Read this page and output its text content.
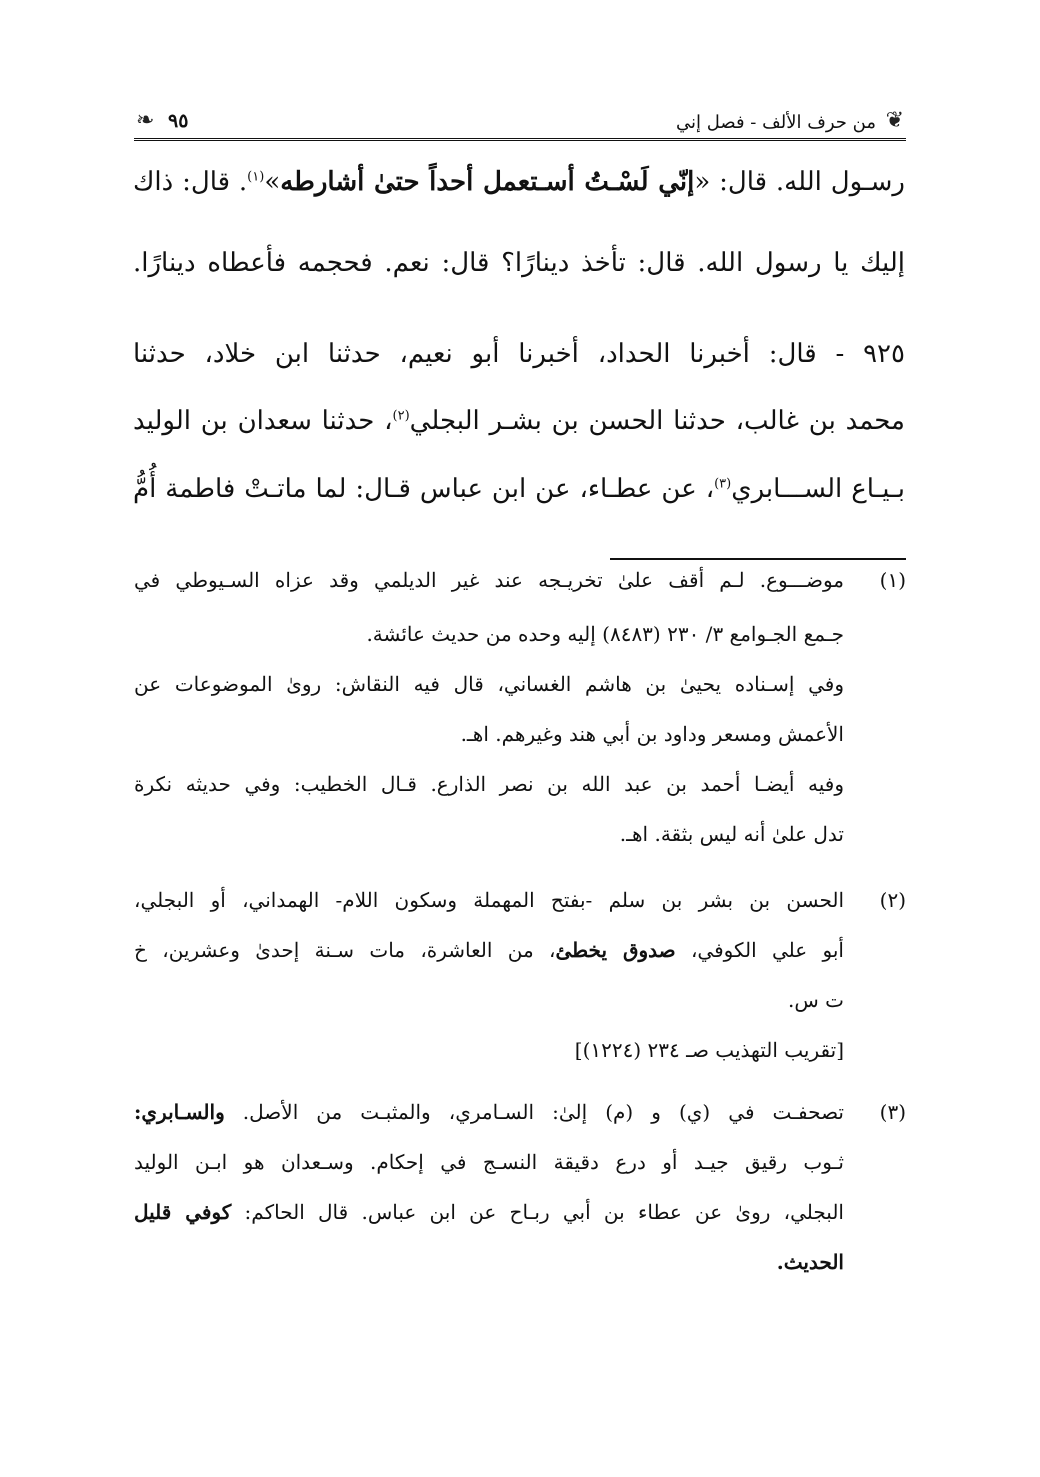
❦
من حرف الألف - فصل إني
٩٥
❧
رسـول الله. قال: «إنّي لَسْـتُ أسـتعمل أحداً حتىٰ أشارطه»$^{(١)}$. قال: ذاك
إليك يا رسول الله. قال: تأخذ دينارًا؟ قال: نعم. فحجمه فأعطاه دينارًا.
٩٢٥ - قال: أخبرنا الحداد، أخبرنا أبو نعيم، حدثنا ابن خلاد، حدثنا
محمد بن غالب، حدثنا الحسن بن بشـر البجلي$^{(٢)}$، حدثنا سعدان بن الوليد
بـيـاع الســـابري$^{(٣)}$، عن عطـاء، عن ابن عباس قـال: لما ماتـتْ فاطمة أُمُّ
(١)
موضـــوع. لـم أقف علىٰ تخريـجه عند غير الديلمي وقد عزاه السـيوطي في
جـمع الجـوامع ٣/ ٢٣٠ (٨٤٨٣) إليه وحده من حديث عائشة.
وفي إسـناده يحيىٰ بن هاشم الغساني، قال فيه النقاش: روىٰ الموضوعات عن
الأعمش ومسعر وداود بن أبي هند وغيرهم. اهـ.
وفيه أيضـا أحمد بن عبد الله بن نصر الذارع. قـال الخطيب: وفي حديثه نكرة
تدل علىٰ أنه ليس بثقة. اهـ.
(٢)
الحسن بن بشر بن سلم -بفتح المهملة وسكون اللام- الهمداني، أو البجلي،
أبو علي الكوفي، صدوق يخطئ، من العاشرة، مات سـنة إحدىٰ وعشرين، خ
ت س.
[تقريب التهذيب صـ ٢٣٤ (١٢٢٤)]
(٣)
تصحفـت في (ي) و (م) إلىٰ: السـامري، والمثبـت من الأصل. والسـابري:
ثـوب رقيق جيـد أو درع دقيقة النسـج في إحكام. وسـعدان هو ابـن الوليد
البجلي، روىٰ عن عطاء بن أبي ربـاح عن ابن عباس. قال الحاكم: كوفي قليل
الحديث.
